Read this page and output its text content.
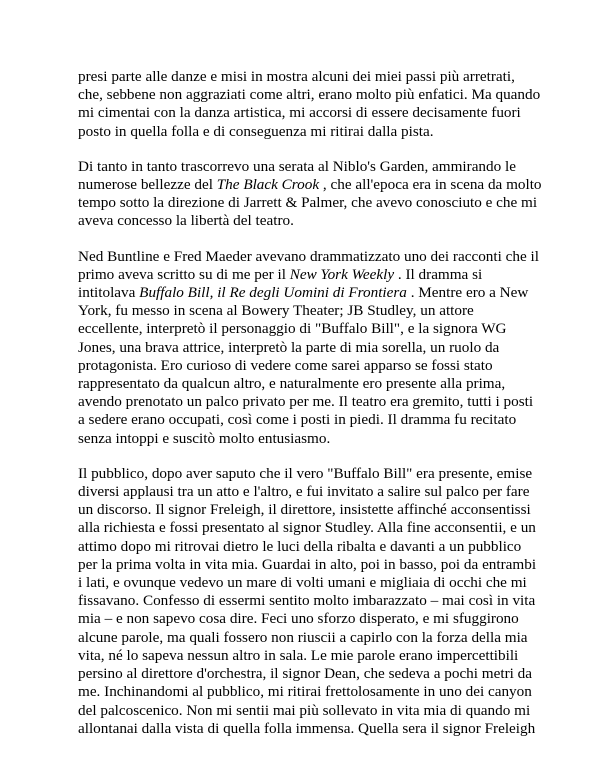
presi parte alle danze e misi in mostra alcuni dei miei passi più arretrati,
che, sebbene non aggraziati come altri, erano molto più enfatici. Ma quando
mi cimentai con la danza artistica, mi accorsi di essere decisamente fuori
posto in quella folla e di conseguenza mi ritirai dalla pista.

Di tanto in tanto trascorrevo una serata al Niblo's Garden, ammirando le
numerose bellezze del The Black Crook , che all'epoca era in scena da molto
tempo sotto la direzione di Jarrett & Palmer, che avevo conosciuto e che mi
aveva concesso la libertà del teatro.

Ned Buntline e Fred Maeder avevano drammatizzato uno dei racconti che il
primo aveva scritto su di me per il New York Weekly . Il dramma si
intitolava Buffalo Bill, il Re degli Uomini di Frontiera . Mentre ero a New
York, fu messo in scena al Bowery Theater; JB Studley, un attore
eccellente, interpretò il personaggio di "Buffalo Bill", e la signora WG
Jones, una brava attrice, interpretò la parte di mia sorella, un ruolo da
protagonista. Ero curioso di vedere come sarei apparso se fossi stato
rappresentato da qualcun altro, e naturalmente ero presente alla prima,
avendo prenotato un palco privato per me. Il teatro era gremito, tutti i posti
a sedere erano occupati, così come i posti in piedi. Il dramma fu recitato
senza intoppi e suscitò molto entusiasmo.

Il pubblico, dopo aver saputo che il vero "Buffalo Bill" era presente, emise
diversi applausi tra un atto e l'altro, e fui invitato a salire sul palco per fare
un discorso. Il signor Freleigh, il direttore, insistette affinché acconsentissi
alla richiesta e fossi presentato al signor Studley. Alla fine acconsentii, e un
attimo dopo mi ritrovai dietro le luci della ribalta e davanti a un pubblico
per la prima volta in vita mia. Guardai in alto, poi in basso, poi da entrambi
i lati, e ovunque vedevo un mare di volti umani e migliaia di occhi che mi
fissavano. Confesso di essermi sentito molto imbarazzato – mai così in vita
mia – e non sapevo cosa dire. Feci uno sforzo disperato, e mi sfuggirono
alcune parole, ma quali fossero non riuscii a capirlo con la forza della mia
vita, né lo sapeva nessun altro in sala. Le mie parole erano impercettibili
persino al direttore d'orchestra, il signor Dean, che sedeva a pochi metri da
me. Inchinandomi al pubblico, mi ritirai frettolosamente in uno dei canyon
del palcoscenico. Non mi sentii mai più sollevato in vita mia di quando mi
allontanai dalla vista di quella folla immensa. Quella sera il signor Freleigh
